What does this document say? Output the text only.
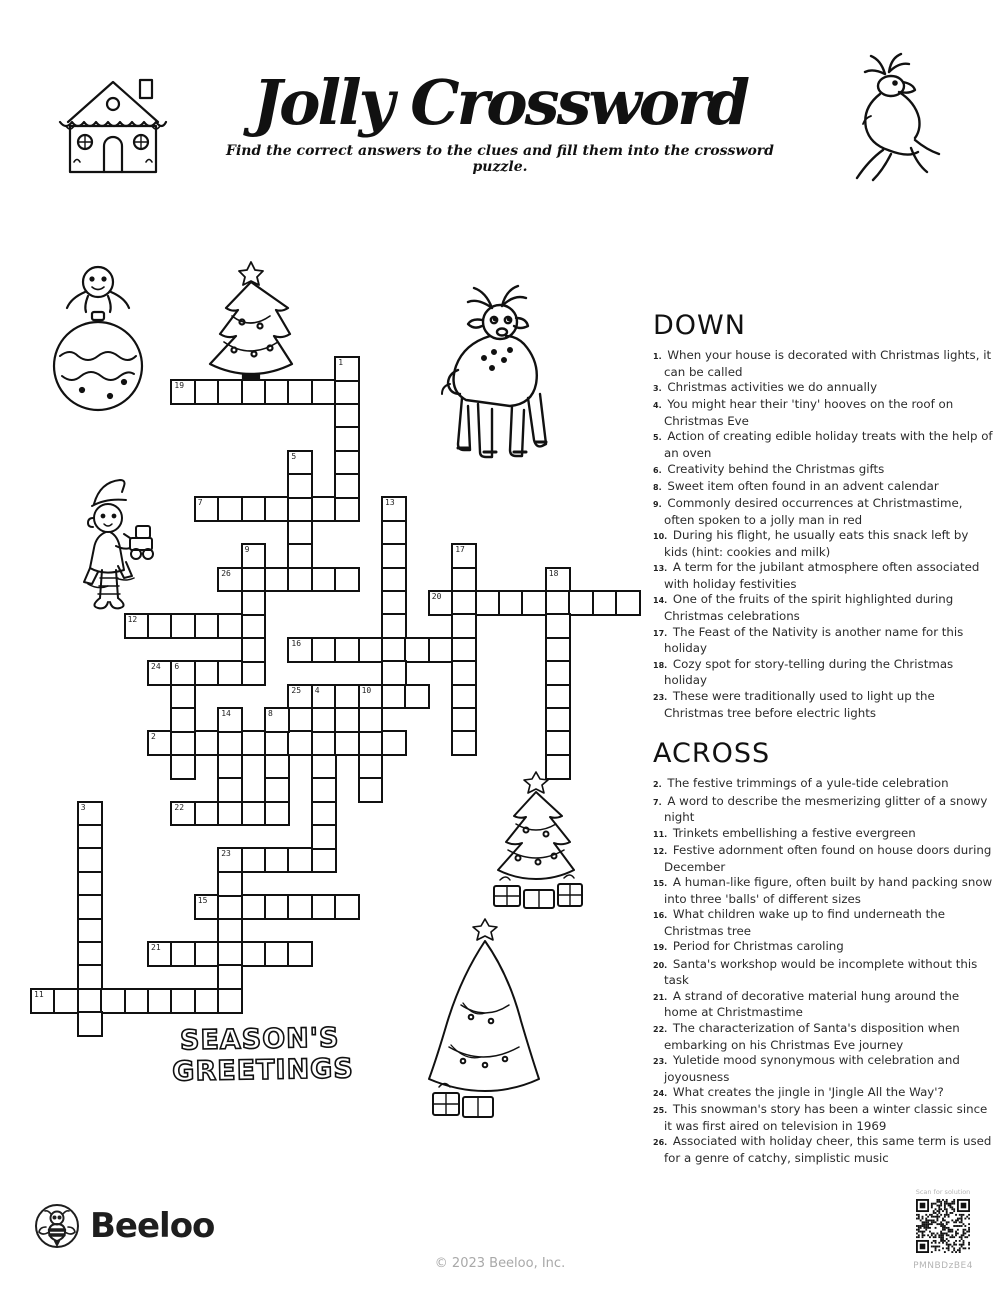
Jolly Crossword
Find the correct answers to the clues and fill them into the crossword puzzle.
19
7
26
20
12
16
24 6
25 4	10
2
22
23
15
21
11
1
5
13
9	17
18
14	8
3
DOWN
1. When your house is decorated with Christmas lights, it can be called
3. Christmas activities we do annually
4. You might hear their 'tiny' hooves on the roof on Christmas Eve
5. Action of creating edible holiday treats with the help of an oven
6. Creativity behind the Christmas gifts
8. Sweet item often found in an advent calendar
9. Commonly desired occurrences at Christmastime, often spoken to a jolly man in red
10. During his flight, he usually eats this snack left by kids (hint: cookies and milk)
13. A term for the jubilant atmosphere often associated with holiday festivities
14. One of the fruits of the spirit highlighted during Christmas celebrations
17. The Feast of the Nativity is another name for this holiday
18. Cozy spot for story-telling during the Christmas holiday
23. These were traditionally used to light up the Christmas tree before electric lights
ACROSS
2. The festive trimmings of a yule-tide celebration
7. A word to describe the mesmerizing glitter of a snowy night
11. Trinkets embellishing a festive evergreen
12. Festive adornment often found on house doors during December
15. A human-like figure, often built by hand packing snow into three 'balls' of different sizes
16. What children wake up to find underneath the Christmas tree
19. Period for Christmas caroling
20. Santa's workshop would be incomplete without this task
21. A strand of decorative material hung around the home at Christmastime
22. The characterization of Santa's disposition when embarking on his Christmas Eve journey
23. Yuletide mood synonymous with celebration and joyousness
24. What creates the jingle in 'Jingle All the Way'?
25. This snowman's story has been a winter classic since it was first aired on television in 1969
26. Associated with holiday cheer, this same term is used for a genre of catchy, simplistic music
SEASON'S
GREETINGS
Beeloo
© 2023 Beeloo, Inc.
Scan for solution
PMNBDzBE4
